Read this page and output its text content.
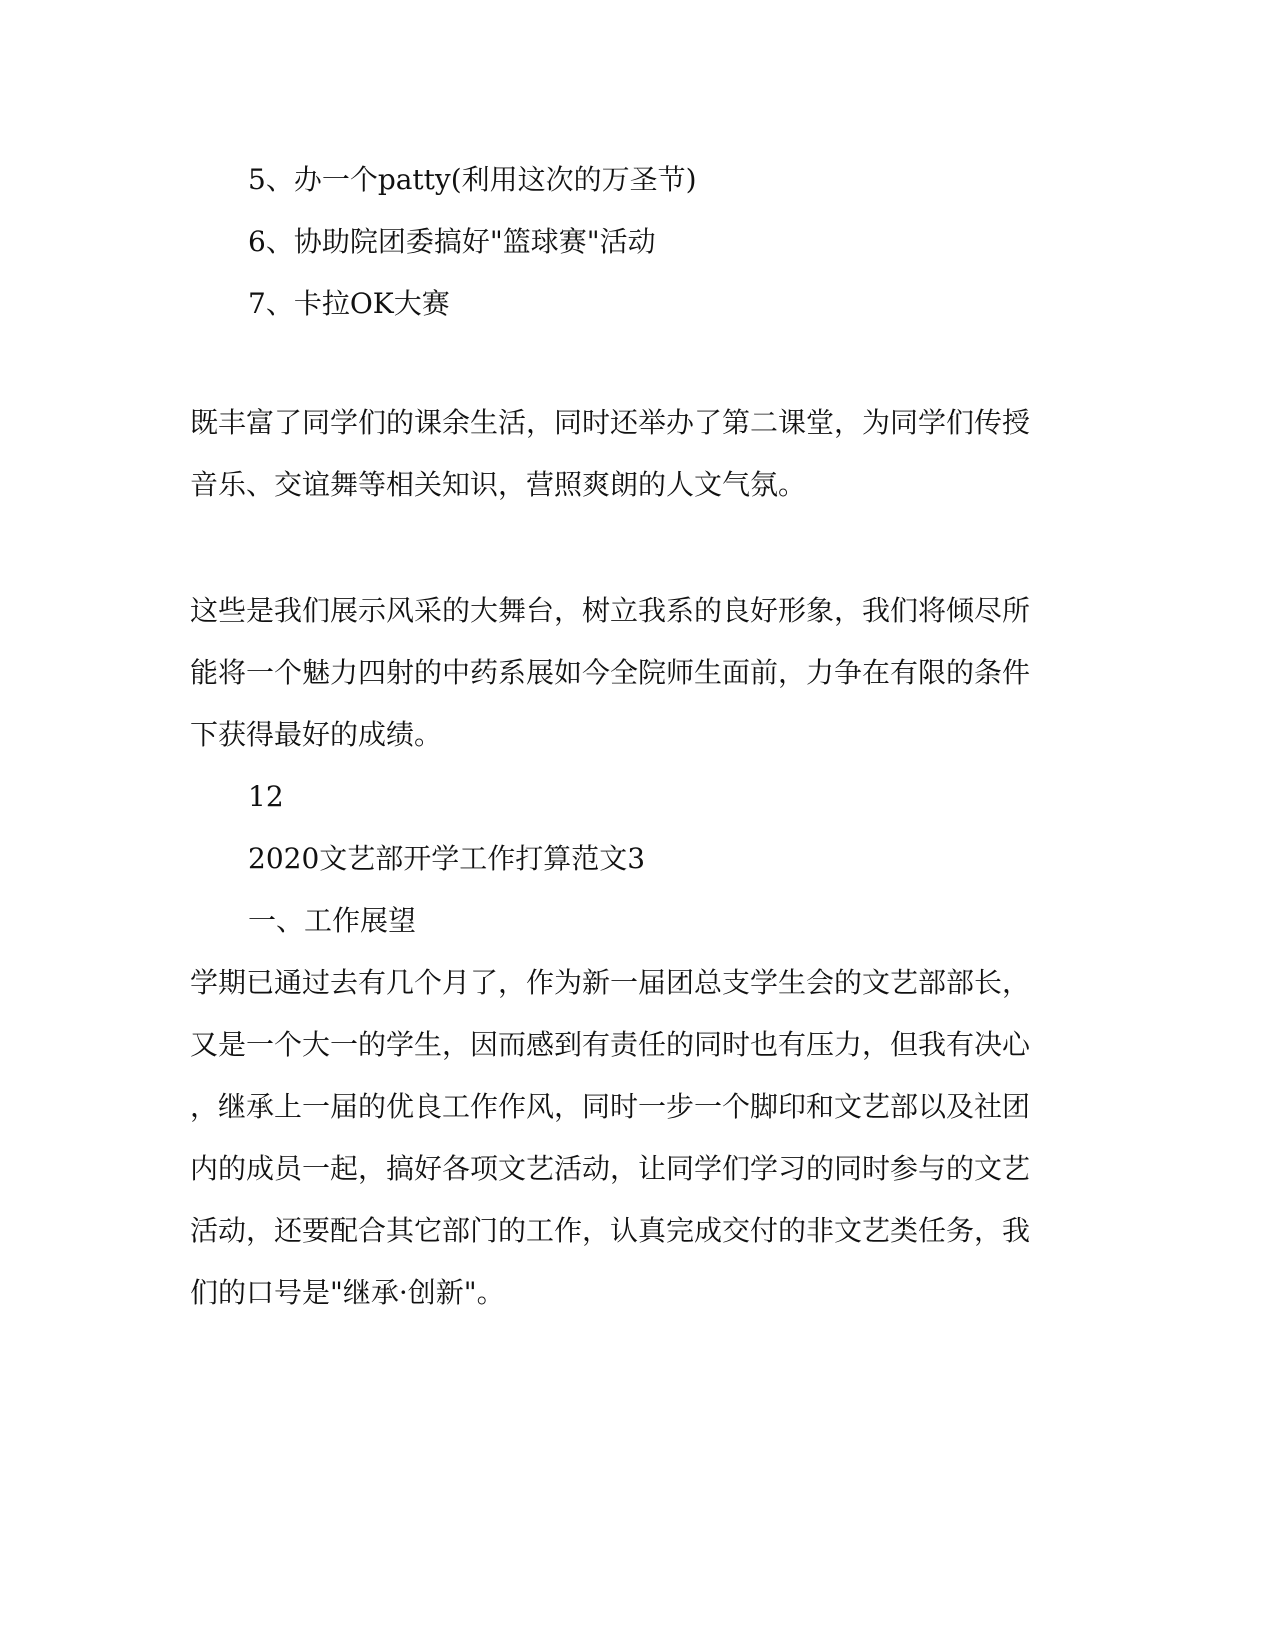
5、办一个patty(利用这次的万圣节)
6、协助院团委搞好"篮球赛"活动
7、卡拉OK大赛
既丰富了同学们的课余生活，同时还举办了第二课堂，为同学们传授
音乐、交谊舞等相关知识，营照爽朗的人文气氛。
这些是我们展示风采的大舞台，树立我系的良好形象，我们将倾尽所
能将一个魅力四射的中药系展如今全院师生面前，力争在有限的条件
下获得最好的成绩。
12
2020文艺部开学工作打算范文3
一、工作展望
学期已通过去有几个月了，作为新一届团总支学生会的文艺部部长，
又是一个大一的学生，因而感到有责任的同时也有压力，但我有决心
，继承上一届的优良工作作风，同时一步一个脚印和文艺部以及社团
内的成员一起，搞好各项文艺活动，让同学们学习的同时参与的文艺
活动，还要配合其它部门的工作，认真完成交付的非文艺类任务，我
们的口号是"继承·创新"。
